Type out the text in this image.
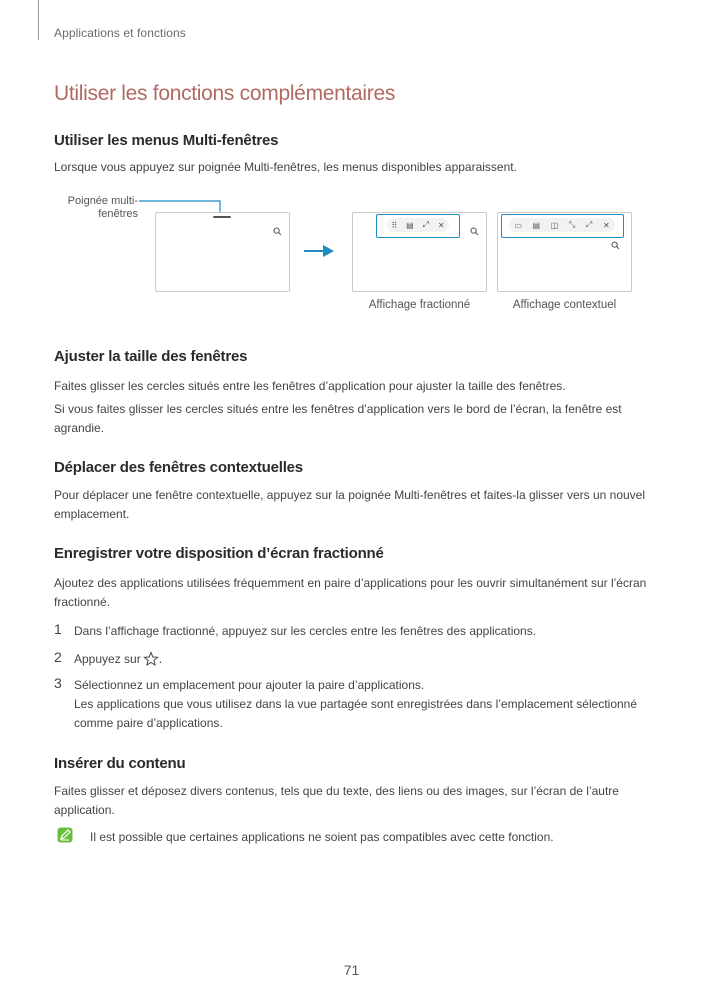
Applications et fonctions
Utiliser les fonctions complémentaires
Utiliser les menus Multi-fenêtres
Lorsque vous appuyez sur poignée Multi-fenêtres, les menus disponibles apparaissent.
Poignée multi-fenêtres
⠿ ▤ ⤢ ✕
Affichage fractionné
▭ ▤ ◫ ⤡ ⤢ ✕
Affichage contextuel
Ajuster la taille des fenêtres
Faites glisser les cercles situés entre les fenêtres d’application pour ajuster la taille des fenêtres.
Si vous faites glisser les cercles situés entre les fenêtres d’application vers le bord de l’écran, la fenêtre est agrandie.
Déplacer des fenêtres contextuelles
Pour déplacer une fenêtre contextuelle, appuyez sur la poignée Multi-fenêtres et faites-la glisser vers un nouvel emplacement.
Enregistrer votre disposition d’écran fractionné
Ajoutez des applications utilisées fréquemment en paire d’applications pour les ouvrir simultanément sur l’écran fractionné.
1 Dans l’affichage fractionné, appuyez sur les cercles entre les fenêtres des applications.
2 Appuyez sur .
3 Sélectionnez un emplacement pour ajouter la paire d’applications.
Les applications que vous utilisez dans la vue partagée sont enregistrées dans l’emplacement sélectionné comme paire d’applications.
Insérer du contenu
Faites glisser et déposez divers contenus, tels que du texte, des liens ou des images, sur l’écran de l’autre application.
Il est possible que certaines applications ne soient pas compatibles avec cette fonction.
71
